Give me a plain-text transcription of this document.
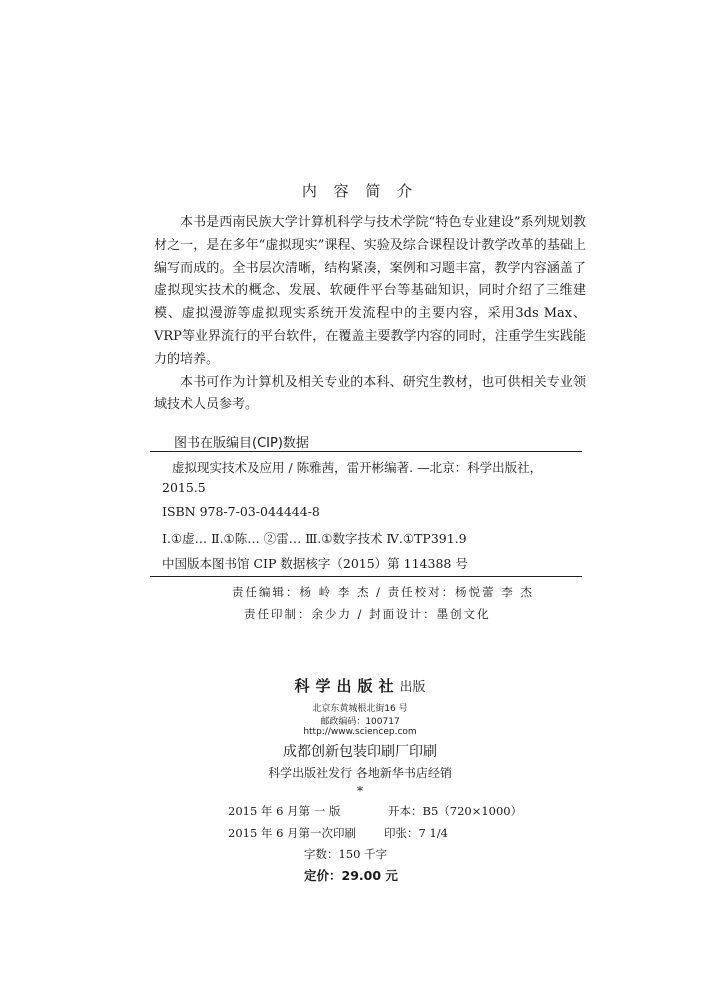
内 容 简 介

本书是西南民族大学计算机科学与技术学院“特色专业建设”系列规划教材之一，是在多年“虚拟现实”课程、实验及综合课程设计教学改革的基础上编写而成的。全书层次清晰，结构紧凑，案例和习题丰富，教学内容涵盖了虚拟现实技术的概念、发展、软硬件平台等基础知识，同时介绍了三维建模、虚拟漫游等虚拟现实系统开发流程中的主要内容，采用3ds Max、VRP等业界流行的平台软件，在覆盖主要教学内容的同时，注重学生实践能力的培养。

本书可作为计算机及相关专业的本科、研究生教材，也可供相关专业领域技术人员参考。

图书在版编目(CIP)数据
虚拟现实技术及应用 / 陈雅茜，雷开彬编著. —北京：科学出版社，
2015.5
ISBN 978-7-03-044444-8
Ⅰ.①虚… Ⅱ.①陈… ②雷… Ⅲ.①数字技术 Ⅳ.①TP391.9
中国版本图书馆 CIP 数据核字（2015）第 114388 号
责任编辑：杨 岭 李 杰 / 责任校对：杨悦蕾 李 杰
责任印制：余少力 / 封面设计：墨创文化
科学出版社出版
北京东黄城根北街16 号
邮政编码：100717
http://www.sciencep.com
成都创新包装印刷厂印刷
科学出版社发行 各地新华书店经销
*
2015 年 6 月第 一 版	开本：B5（720×1000）
2015 年 6 月第一次印刷 印张：7 1/4
字数：150 千字
定价：29.00 元
